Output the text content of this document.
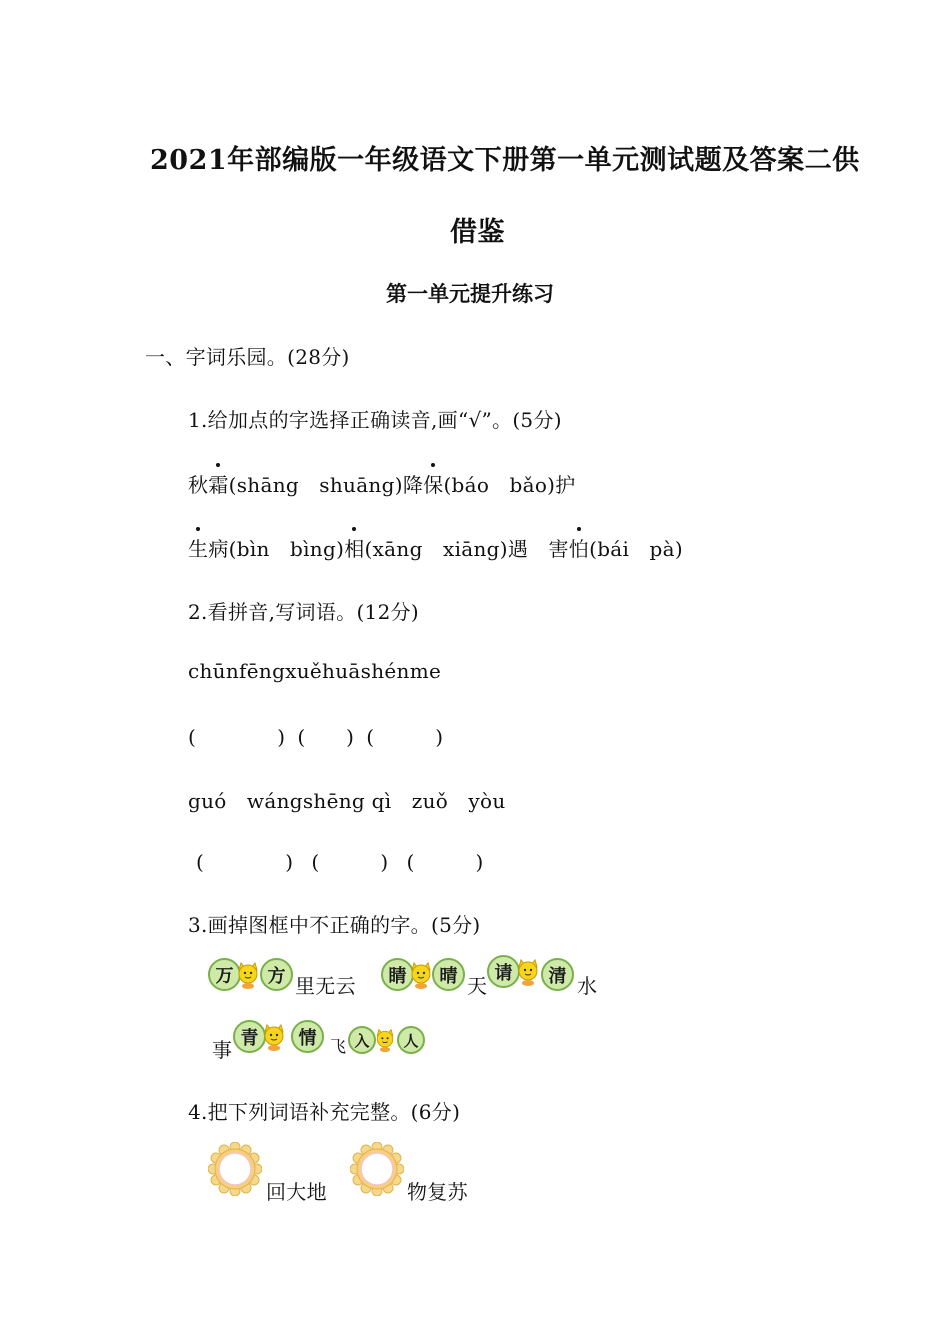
2021年部编版一年级语文下册第一单元测试题及答案二供
借鉴
第一单元提升练习
一、字词乐园。(28分)
1.给加点的字选择正确读音,画“√”。(5分)
秋霜(shāng　shuāng)降保(báo　bǎo)护
生病(bìn　bìng)相(xāng　xiāng)遇　害怕(bái　pà)
2.看拼音,写词语。(12分)
chūnfēngxuěhuāshénme
(　　　　) (　　) (　　　)
guó　wángshēng qì　zuǒ　yòu
(　　　　) (　　　) (　　　)
3.画掉图框中不正确的字。(5分)
万	方 里无云	睛	晴 天
请	清 水
事 青	情 飞 入	人
4.把下列词语补充完整。(6分)
回大地	物复苏
